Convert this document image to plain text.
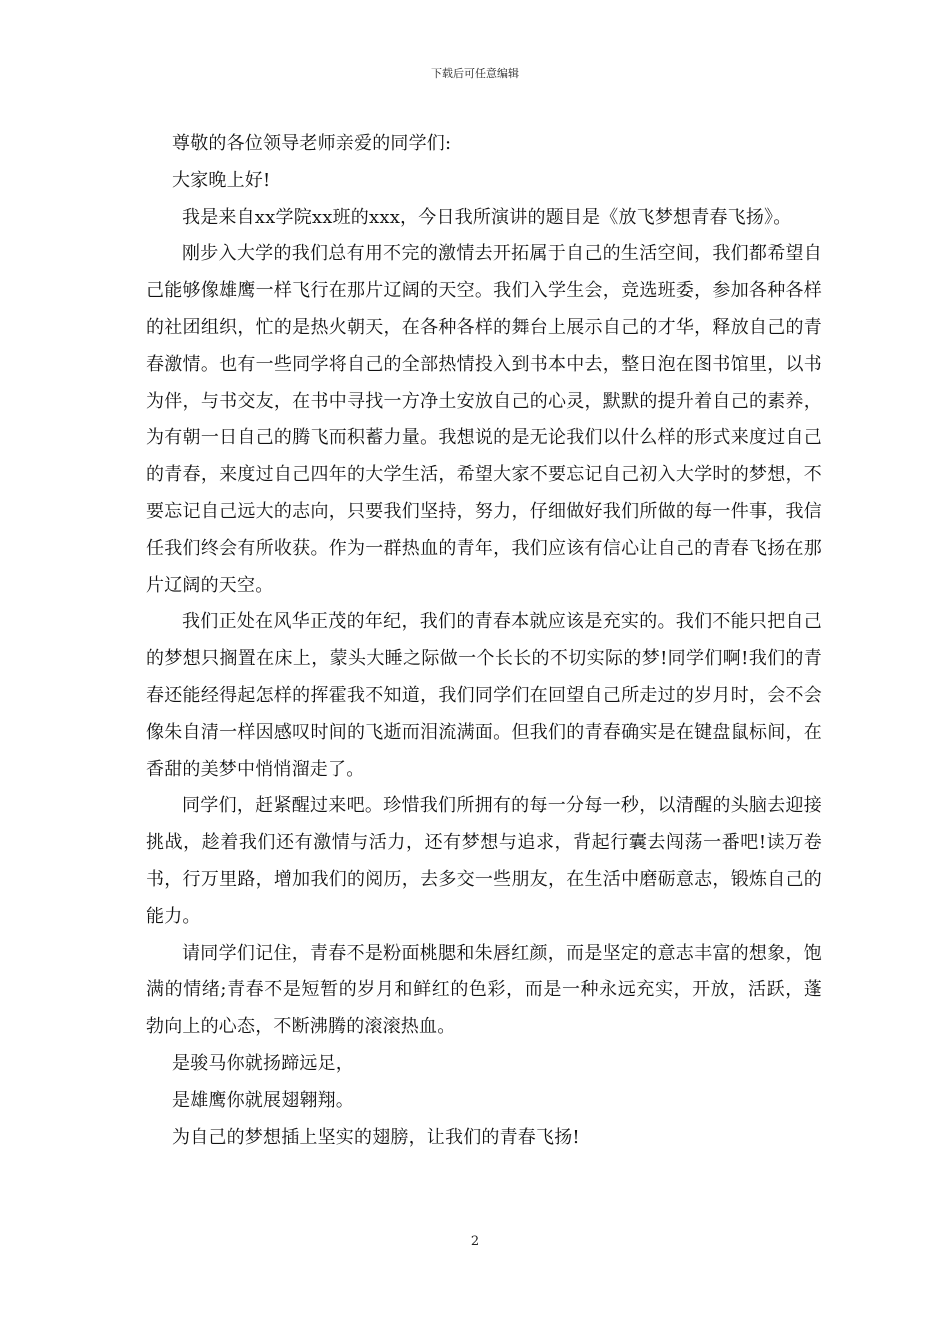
下载后可任意编辑

尊敬的各位领导老师亲爱的同学们:

大家晚上好!

我是来自xx学院xx班的xxx，今日我所演讲的题目是《放飞梦想青春飞扬》。

刚步入大学的我们总有用不完的激情去开拓属于自己的生活空间，我们都希望自己能够像雄鹰一样飞行在那片辽阔的天空。我们入学生会，竞选班委，参加各种各样的社团组织，忙的是热火朝天，在各种各样的舞台上展示自己的才华，释放自己的青春激情。也有一些同学将自己的全部热情投入到书本中去，整日泡在图书馆里，以书为伴，与书交友，在书中寻找一方净土安放自己的心灵，默默的提升着自己的素养，为有朝一日自己的腾飞而积蓄力量。我想说的是无论我们以什么样的形式来度过自己的青春，来度过自己四年的大学生活，希望大家不要忘记自己初入大学时的梦想，不要忘记自己远大的志向，只要我们坚持，努力，仔细做好我们所做的每一件事，我信任我们终会有所收获。作为一群热血的青年，我们应该有信心让自己的青春飞扬在那片辽阔的天空。

我们正处在风华正茂的年纪，我们的青春本就应该是充实的。我们不能只把自己的梦想只搁置在床上，蒙头大睡之际做一个长长的不切实际的梦!同学们啊!我们的青春还能经得起怎样的挥霍我不知道，我们同学们在回望自己所走过的岁月时，会不会像朱自清一样因感叹时间的飞逝而泪流满面。但我们的青春确实是在键盘鼠标间，在香甜的美梦中悄悄溜走了。

同学们，赶紧醒过来吧。珍惜我们所拥有的每一分每一秒，以清醒的头脑去迎接挑战，趁着我们还有激情与活力，还有梦想与追求，背起行囊去闯荡一番吧!读万卷书，行万里路，增加我们的阅历，去多交一些朋友，在生活中磨砺意志，锻炼自己的能力。

请同学们记住，青春不是粉面桃腮和朱唇红颜，而是坚定的意志丰富的想象，饱满的情绪;青春不是短暂的岁月和鲜红的色彩，而是一种永远充实，开放，活跃，蓬勃向上的心态，不断沸腾的滚滚热血。

是骏马你就扬蹄远足，

是雄鹰你就展翅翱翔。

为自己的梦想插上坚实的翅膀，让我们的青春飞扬!

2
